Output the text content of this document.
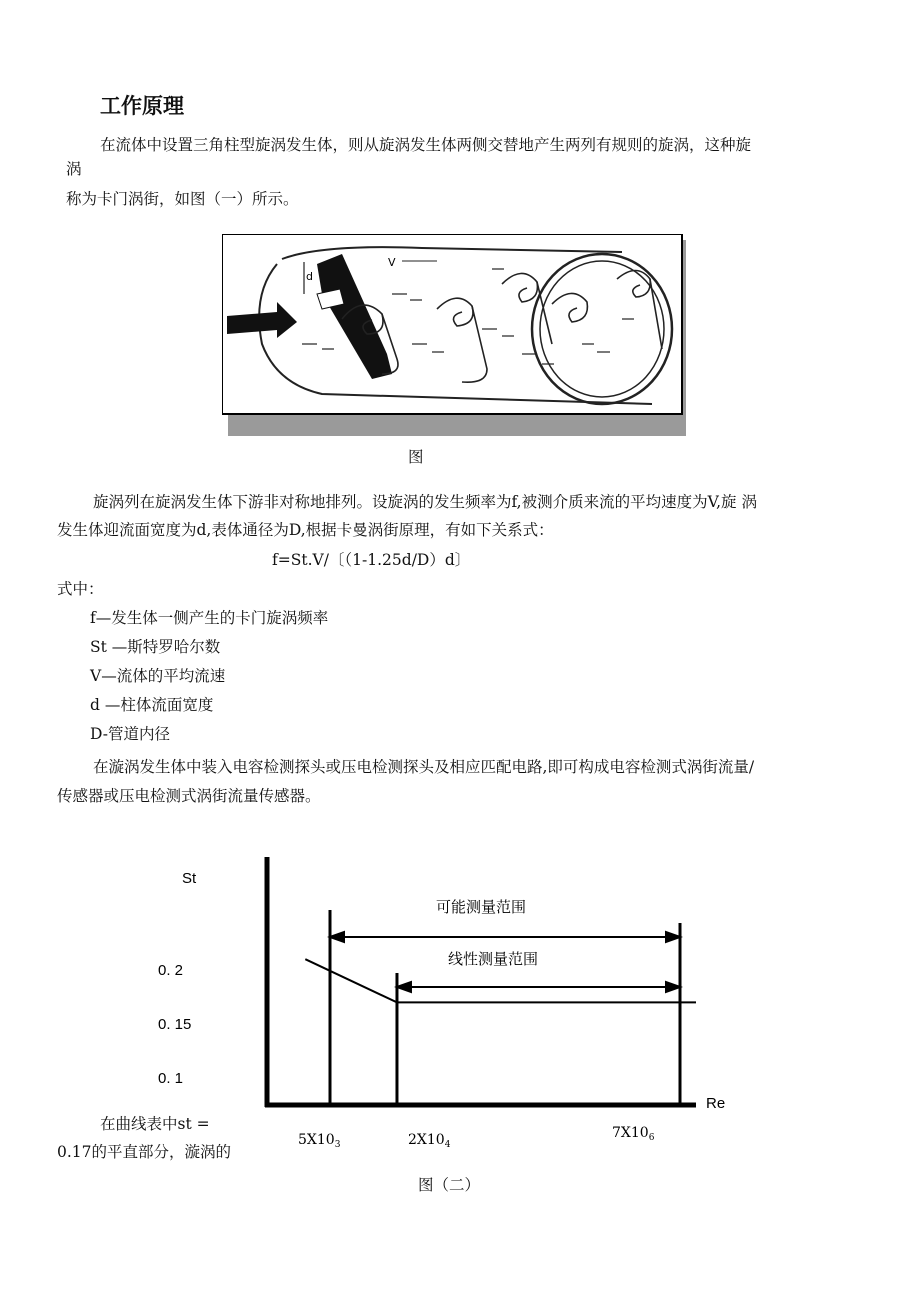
工作原理
在流体中设置三角柱型旋涡发生体，则从旋涡发生体两侧交替地产生两列有规则的旋涡，这种旋
涡
称为卡门涡街，如图（一）所示。
d
V
图
旋涡列在旋涡发生体下游非对称地排列。设旋涡的发生频率为f,被测介质来流的平均速度为V,旋 涡
发生体迎流面宽度为d,表体通径为D,根据卡曼涡街原理，有如下关系式：
f=St.V/〔（1-1.25d/D）d〕
式中：
f—发生体一侧产生的卡门旋涡频率
St —斯特罗哈尔数
V—流体的平均流速
d —柱体流面宽度
D-管道内径
在漩涡发生体中装入电容检测探头或压电检测探头及相应匹配电路,即可构成电容检测式涡街流量/
传感器或压电检测式涡街流量传感器。
St
Re
0. 2
0. 15
0. 1
可能测量范围
线性测量范围
$5X10_3$	$2X10_4$
$7X10_6$
在曲线表中st =
0.17的平直部分，漩涡的
图（二）
